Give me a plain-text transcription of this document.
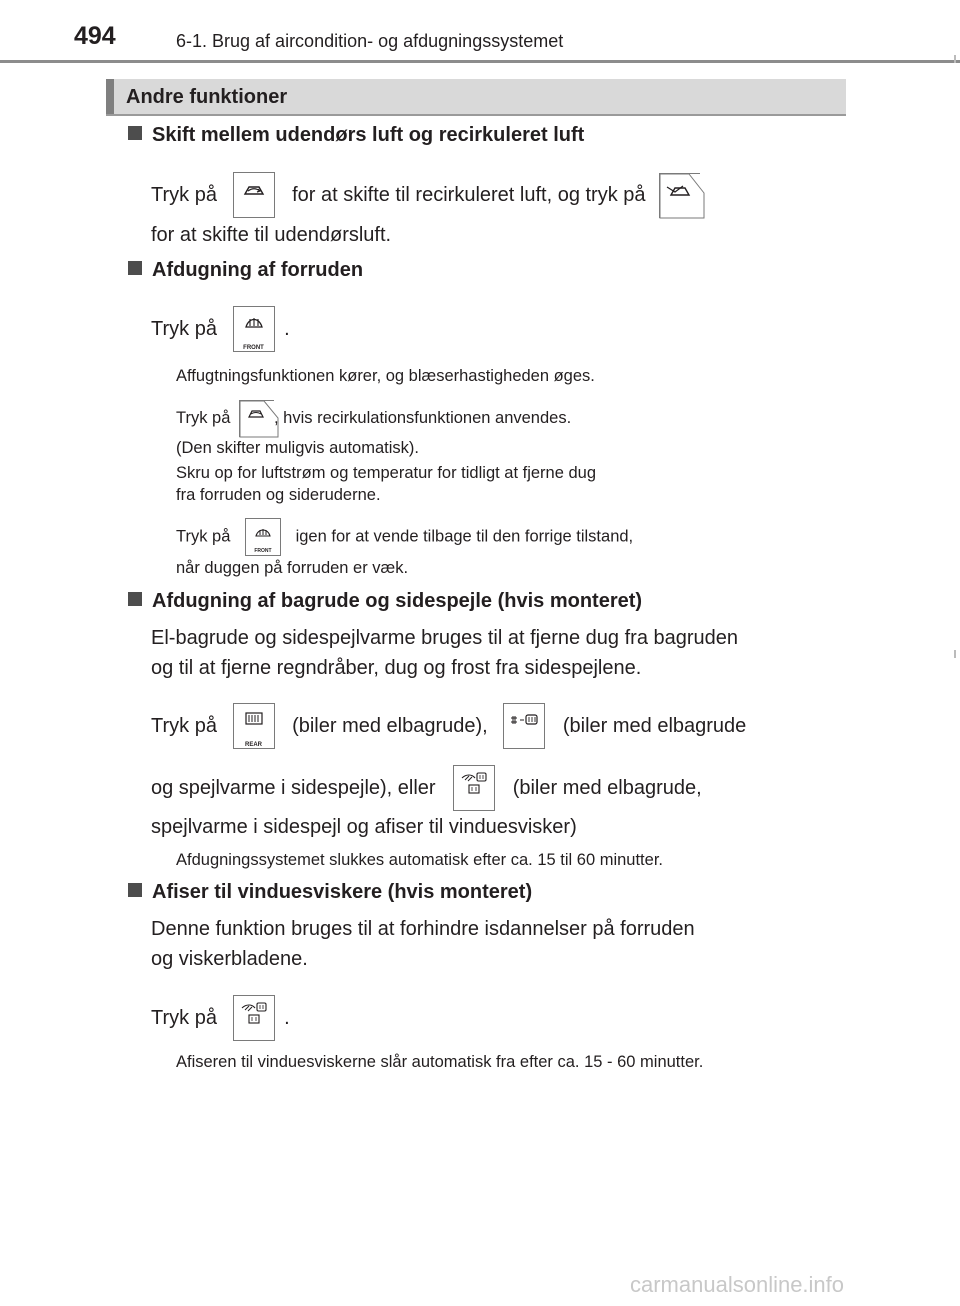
494	6-1. Brug af aircondition- og afdugningssystemet
Andre funktioner
Skift mellem udendørs luft og recirkuleret luft
Tryk på	for at skifte til recirkuleret luft, og tryk på
for at skifte til udendørsluft.
Afdugning af forruden
Tryk på
FRONT
.
Affugtningsfunktionen kører, og blæserhastigheden øges.
Tryk på	, hvis recirkulationsfunktionen anvendes.
(Den skifter muligvis automatisk).
Skru op for luftstrøm og temperatur for tidligt at fjerne dug
fra forruden og sideruderne.
Tryk på
FRONT
igen for at vende tilbage til den forrige tilstand,
når duggen på forruden er væk.
Afdugning af bagrude og sidespejle (hvis monteret)
El-bagrude og sidespejlvarme bruges til at fjerne dug fra bagruden
og til at fjerne regndråber, dug og frost fra sidespejlene.
Tryk på
REAR
(biler med elbagrude),	(biler med elbagrude
og spejlvarme i sidespejle), eller	(biler med elbagrude,
spejlvarme i sidespejl og afiser til vinduesvisker)
Afdugningssystemet slukkes automatisk efter ca. 15 til 60 minutter.
Afiser til vinduesviskere (hvis monteret)
Denne funktion bruges til at forhindre isdannelser på forruden
og viskerbladene.
Tryk på	.
Afiseren til vinduesviskerne slår automatisk fra efter ca. 15 - 60 minutter.
carmanualsonline.info
